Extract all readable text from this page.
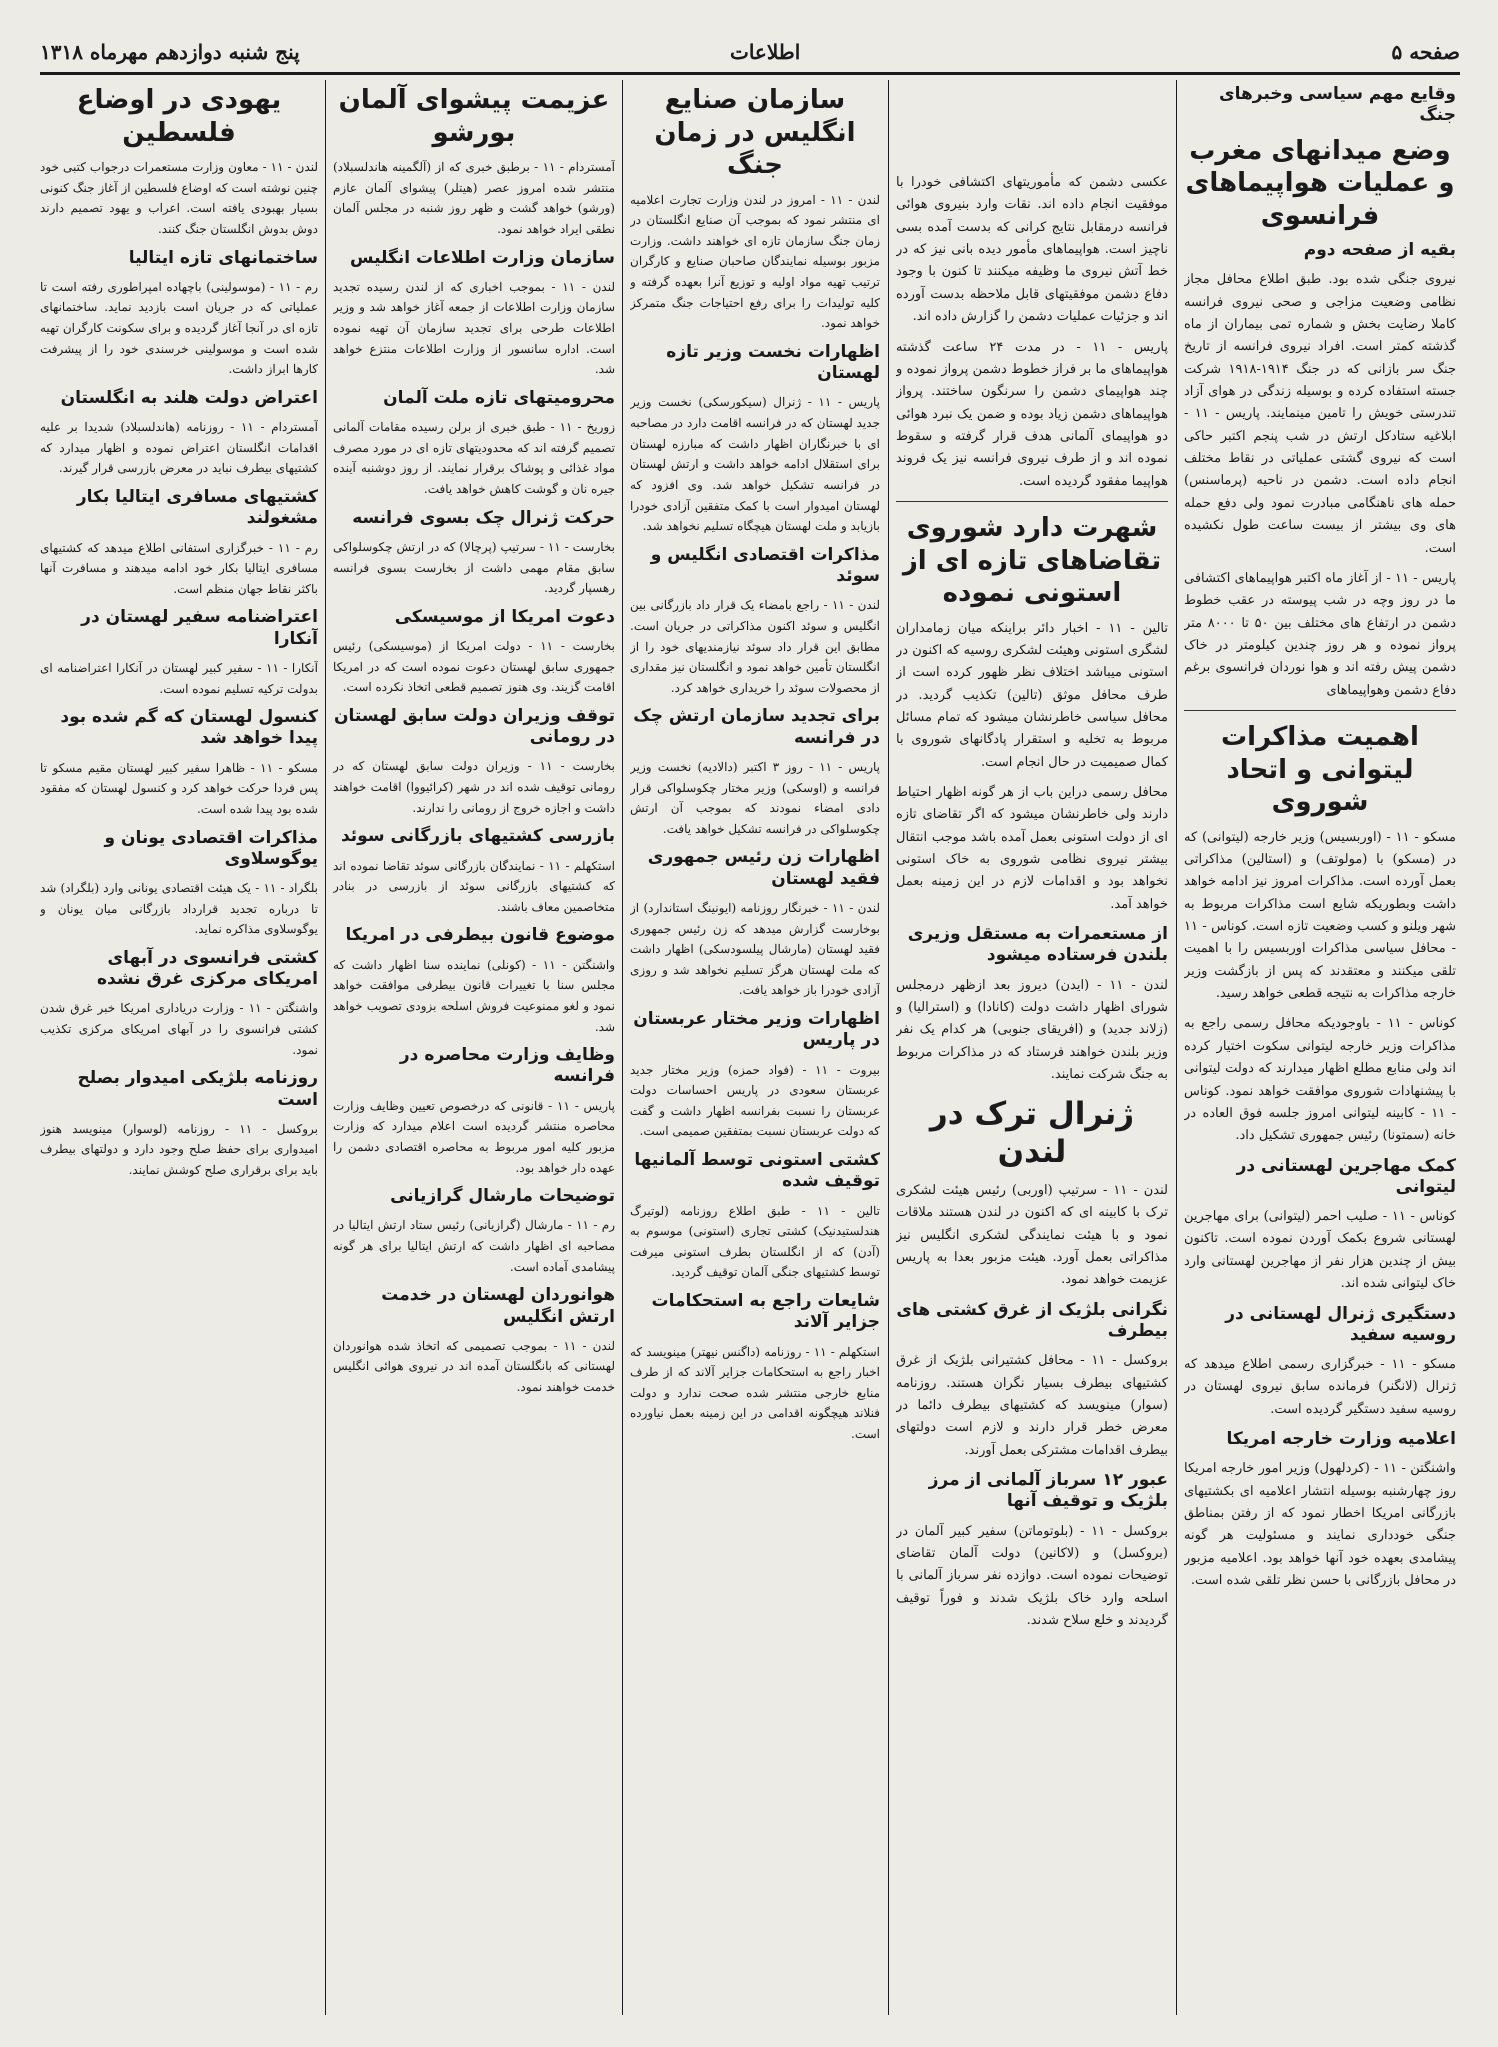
صفحه ۵
اطلاعات
پنج شنبه دوازدهم مهرماه ۱۳۱۸
وقایع مهم سیاسی وخبرهای جنگ
وضع میدانهای مغرب و عملیات هواپیماهای فرانسوی
بقیه از صفحه دوم

نیروی جنگی شده بود. طبق اطلاع محافل مجاز نظامی وضعیت مزاجی و صحی نیروی فرانسه کاملا رضایت بخش و شماره تمی بیماران از ماه گذشته کمتر است. افراد نیروی فرانسه از تاریخ جنگ سر بازانی که در جنگ ۱۹۱۴-۱۹۱۸ شرکت جسته استفاده کرده و بوسیله زندگی در هوای آزاد تندرستی خویش را تامین مینمایند. پاریس - ۱۱ - ابلاغیه ستادکل ارتش در شب پنجم اکتبر حاکی است که نیروی گشتی عملیاتی در نقاط مختلف انجام داده است. دشمن در ناحیه (پرماسنس) حمله های ناهنگامی مبادرت نمود ولی دفع حمله های وی بیشتر از بیست ساعت طول نکشیده است.

پاریس - ۱۱ - از آغاز ماه اکتبر هواپیماهای اکتشافی ما در روز وچه در شب پیوسته در عقب خطوط دشمن در ارتفاع های مختلف بین ۵۰ تا ۸۰۰۰ متر پرواز نموده و هر روز چندین کیلومتر در خاک دشمن پیش رفته اند و هوا نوردان فرانسوی برغم دفاع دشمن وهواپیماهای

اهمیت مذاکرات لیتوانی و اتحاد شوروی

مسکو - ۱۱ - (اوربسیس) وزیر خارجه (لیتوانی) که در (مسکو) با (مولوتف) و (استالین) مذاکراتی بعمل آورده است. مذاکرات امروز نیز ادامه خواهد داشت وبطوریکه شایع است مذاکرات مربوط به شهر ویلنو و کسب وضعیت تازه است. کوناس - ۱۱ - محافل سیاسی مذاکرات اوربسیس را با اهمیت تلقی میکنند و معتقدند که پس از بازگشت وزیر خارجه مذاکرات به نتیجه قطعی خواهد رسید.

کوناس - ۱۱ - باوجودیکه محافل رسمی راجع به مذاکرات وزیر خارجه لیتوانی سکوت اختیار کرده اند ولی منابع مطلع اظهار میدارند که دولت لیتوانی با پیشنهادات شوروی موافقت خواهد نمود. کوناس - ۱۱ - کابینه لیتوانی امروز جلسه فوق العاده در خانه (سمتونا) رئیس جمهوری تشکیل داد.

کمک مهاجرین لهستانی در لیتوانی

کوناس - ۱۱ - صلیب احمر (لیتوانی) برای مهاجرین لهستانی شروع بکمک آوردن نموده است. تاکنون بیش از چندین هزار نفر از مهاجرین لهستانی وارد خاک لیتوانی شده اند.

دستگیری ژنرال لهستانی در روسیه سفید

مسکو - ۱۱ - خبرگزاری رسمی اطلاع میدهد که ژنرال (لانگنر) فرمانده سابق نیروی لهستان در روسیه سفید دستگیر گردیده است.

اعلامیه وزارت خارجه امریکا

واشنگتن - ۱۱ - (کردلهول) وزیر امور خارجه امریکا روز چهارشنبه بوسیله انتشار اعلامیه ای بکشتیهای بازرگانی امریکا اخطار نمود که از رفتن بمناطق جنگی خودداری نمایند و مسئولیت هر گونه پیشامدی بعهده خود آنها خواهد بود. اعلامیه مزبور در محافل بازرگانی با حسن نظر تلقی شده است.

عکسی دشمن که مأموریتهای اکتشافی خودرا با موفقیت انجام داده اند. نقات وارد بنیروی هوائی فرانسه درمقابل نتایج کرانی که بدست آمده بسی ناچیز است. هواپیماهای مأمور دیده بانی نیز که در خط آتش نیروی ما وظیفه میکنند تا کنون با وجود دفاع دشمن موفقیتهای قابل ملاحظه بدست آورده اند و جزئیات عملیات دشمن را گزارش داده اند.

پاریس - ۱۱ - در مدت ۲۴ ساعت گذشته هواپیماهای ما بر فراز خطوط دشمن پرواز نموده و چند هواپیمای دشمن را سرنگون ساختند. پرواز هواپیماهای دشمن زیاد بوده و ضمن یک نبرد هوائی دو هواپیمای آلمانی هدف قرار گرفته و سقوط نموده اند و از طرف نیروی فرانسه نیز یک فروند هواپیما مفقود گردیده است.

شهرت دارد شوروی تقاضاهای تازه ای از استونی نموده

تالین - ۱۱ - اخبار دائر براینکه میان زمامداران لشگری استونی وهیئت لشکری روسیه که اکنون در استونی میباشد اختلاف نظر ظهور کرده است از طرف محافل موثق (تالین) تکذیب گردید. در محافل سیاسی خاطرنشان میشود که تمام مسائل مربوط به تخلیه و استقرار پادگانهای شوروی با کمال صمیمیت در حال انجام است.

محافل رسمی دراین باب از هر گونه اظهار احتیاط دارند ولی خاطرنشان میشود که اگر تقاضای تازه ای از دولت استونی بعمل آمده باشد موجب انتقال بیشتر نیروی نظامی شوروی به خاک استونی نخواهد بود و اقدامات لازم در این زمینه بعمل خواهد آمد.

از مستعمرات به مستقل وزیری بلندن فرستاده میشود

لندن - ۱۱ - (ایدن) دیروز بعد ازظهر درمجلس شورای اظهار داشت دولت (کانادا) و (استرالیا) و (زلاند جدید) و (افریقای جنوبی) هر کدام یک نفر وزیر بلندن خواهند فرستاد که در مذاکرات مربوط به جنگ شرکت نمایند.

ژنرال ترک در لندن

لندن - ۱۱ - سرتیپ (اوربی) رئیس هیئت لشکری ترک با کابینه ای که اکنون در لندن هستند ملاقات نمود و با هیئت نمایندگی لشکری انگلیس نیز مذاکراتی بعمل آورد. هیئت مزبور بعدا به پاریس عزیمت خواهد نمود.

نگرانی بلژیک از غرق کشتی های بیطرف

بروکسل - ۱۱ - محافل کشتیرانی بلژیک از غرق کشتیهای بیطرف بسیار نگران هستند. روزنامه (سوار) مینویسد که کشتیهای بیطرف دائما در معرض خطر قرار دارند و لازم است دولتهای بیطرف اقدامات مشترکی بعمل آورند.

عبور ۱۲ سرباز آلمانی از مرز بلژیک و توقیف آنها

بروکسل - ۱۱ - (بلوتوماتن) سفیر کبیر آلمان در (بروکسل) و (لاکانین) دولت آلمان تقاضای توضیحات نموده است. دوازده نفر سرباز آلمانی با اسلحه وارد خاک بلژیک شدند و فوراً توقیف گردیدند و خلع سلاح شدند.

سازمان صنایع انگلیس در زمان جنگ

لندن - ۱۱ - امروز در لندن وزارت تجارت اعلامیه ای منتشر نمود که بموجب آن صنایع انگلستان در زمان جنگ سازمان تازه ای خواهند داشت. وزارت مزبور بوسیله نمایندگان صاحبان صنایع و کارگران ترتیب تهیه مواد اولیه و توزیع آنرا بعهده گرفته و کلیه تولیدات را برای رفع احتیاجات جنگ متمرکز خواهد نمود.

اظهارات نخست وزیر تازه لهستان

پاریس - ۱۱ - ژنرال (سیکورسکی) نخست وزیر جدید لهستان که در فرانسه اقامت دارد در مصاحبه ای با خبرنگاران اظهار داشت که مبارزه لهستان برای استقلال ادامه خواهد داشت و ارتش لهستان در فرانسه تشکیل خواهد شد. وی افزود که لهستان امیدوار است با کمک متفقین آزادی خودرا بازیابد و ملت لهستان هیچگاه تسلیم نخواهد شد.

مذاکرات اقتصادی انگلیس و سوئد

لندن - ۱۱ - راجع بامضاء یک قرار داد بازرگانی بین انگلیس و سوئد اکنون مذاکراتی در جریان است. مطابق این قرار داد سوئد نیازمندیهای خود را از انگلستان تأمین خواهد نمود و انگلستان نیز مقداری از محصولات سوئد را خریداری خواهد کرد.

برای تجدید سازمان ارتش چک در فرانسه

پاریس - ۱۱ - روز ۳ اکتبر (دالادیه) نخست وزیر فرانسه و (اوسکی) وزیر مختار چکوسلواکی قرار دادی امضاء نمودند که بموجب آن ارتش چکوسلواکی در فرانسه تشکیل خواهد یافت.

اظهارات زن رئیس جمهوری فقید لهستان

لندن - ۱۱ - خبرنگار روزنامه (ایونینگ استاندارد) از بوخارست گزارش میدهد که زن رئیس جمهوری فقید لهستان (مارشال پیلسودسکی) اظهار داشت که ملت لهستان هرگز تسلیم نخواهد شد و روزی آزادی خودرا باز خواهد یافت.

اظهارات وزیر مختار عربستان در پاریس

بیروت - ۱۱ - (فواد حمزه) وزیر مختار جدید عربستان سعودی در پاریس احساسات دولت عربستان را نسبت بفرانسه اظهار داشت و گفت که دولت عربستان نسبت بمتفقین صمیمی است.

کشتی استونی توسط آلمانیها توقیف شده

تالین - ۱۱ - طبق اطلاع روزنامه (لوتیرگ هندلستیدنیک) کشتی تجاری (استونی) موسوم به (آدن) که از انگلستان بطرف استونی میرفت توسط کشتیهای جنگی آلمان توقیف گردید.

شایعات راجع به استحکامات جزایر آلاند

استکهلم - ۱۱ - روزنامه (داگنس نیهتر) مینویسد که اخبار راجع به استحکامات جزایر آلاند که از طرف منابع خارجی منتشر شده صحت ندارد و دولت فنلاند هیچگونه اقدامی در این زمینه بعمل نیاورده است.

عزیمت پیشوای آلمان بورشو

آمستردام - ۱۱ - برطبق خبری که از (آلگمینه هاندلسبلاد) منتشر شده امروز عصر (هیتلر) پیشوای آلمان عازم (ورشو) خواهد گشت و ظهر روز شنبه در مجلس آلمان نطقی ایراد خواهد نمود.

سازمان وزارت اطلاعات انگلیس

لندن - ۱۱ - بموجب اخباری که از لندن رسیده تجدید سازمان وزارت اطلاعات از جمعه آغاز خواهد شد و وزیر اطلاعات طرحی برای تجدید سازمان آن تهیه نموده است. اداره سانسور از وزارت اطلاعات منتزع خواهد شد.

محرومیتهای تازه ملت آلمان

زوریخ - ۱۱ - طبق خبری از برلن رسیده مقامات آلمانی تصمیم گرفته اند که محدودیتهای تازه ای در مورد مصرف مواد غذائی و پوشاک برقرار نمایند. از روز دوشنبه آینده جیره نان و گوشت کاهش خواهد یافت.

حرکت ژنرال چک بسوی فرانسه

بخارست - ۱۱ - سرتیپ (پرچالا) که در ارتش چکوسلواکی سابق مقام مهمی داشت از بخارست بسوی فرانسه رهسپار گردید.

دعوت امریکا از موسیسکی

بخارست - ۱۱ - دولت امریکا از (موسیسکی) رئیس جمهوری سابق لهستان دعوت نموده است که در امریکا اقامت گزیند. وی هنوز تصمیم قطعی اتخاذ نکرده است.

توقف وزیران دولت سابق لهستان در رومانی

بخارست - ۱۱ - وزیران دولت سابق لهستان که در رومانی توقیف شده اند در شهر (کرائیووا) اقامت خواهند داشت و اجازه خروج از رومانی را ندارند.

بازرسی کشتیهای بازرگانی سوئد

استکهلم - ۱۱ - نمایندگان بازرگانی سوئد تقاضا نموده اند که کشتیهای بازرگانی سوئد از بازرسی در بنادر متخاصمین معاف باشند.

موضوع قانون بیطرفی در امریکا

واشنگتن - ۱۱ - (کونلی) نماینده سنا اظهار داشت که مجلس سنا با تغییرات قانون بیطرفی موافقت خواهد نمود و لغو ممنوعیت فروش اسلحه بزودی تصویب خواهد شد.

وظایف وزارت محاصره در فرانسه

پاریس - ۱۱ - قانونی که درخصوص تعیین وظایف وزارت محاصره منتشر گردیده است اعلام میدارد که وزارت مزبور کلیه امور مربوط به محاصره اقتصادی دشمن را عهده دار خواهد بود.

توضیحات مارشال گرازیانی

رم - ۱۱ - مارشال (گرازیانی) رئیس ستاد ارتش ایتالیا در مصاحبه ای اظهار داشت که ارتش ایتالیا برای هر گونه پیشامدی آماده است.

هوانوردان لهستان در خدمت ارتش انگلیس

لندن - ۱۱ - بموجب تصمیمی که اتخاذ شده هوانوردان لهستانی که بانگلستان آمده اند در نیروی هوائی انگلیس خدمت خواهند نمود.

یهودی در اوضاع فلسطین

لندن - ۱۱ - معاون وزارت مستعمرات درجواب کتبی خود چنین نوشته است که اوضاع فلسطین از آغاز جنگ کنونی بسیار بهبودی یافته است. اعراب و یهود تصمیم دارند دوش بدوش انگلستان جنگ کنند.

ساختمانهای تازه ایتالیا

رم - ۱۱ - (موسولینی) باچهاده امپراطوری رفته است تا عملیاتی که در جریان است بازدید نماید. ساختمانهای تازه ای در آنجا آغاز گردیده و برای سکونت کارگران تهیه شده است و موسولینی خرسندی خود را از پیشرفت کارها ابراز داشت.

اعتراض دولت هلند به انگلستان

آمستردام - ۱۱ - روزنامه (هاندلسبلاد) شدیدا بر علیه اقدامات انگلستان اعتراض نموده و اظهار میدارد که کشتیهای بیطرف نباید در معرض بازرسی قرار گیرند.

کشتیهای مسافری ایتالیا بکار مشغولند

رم - ۱۱ - خبرگزاری استفانی اطلاع میدهد که کشتیهای مسافری ایتالیا بکار خود ادامه میدهند و مسافرت آنها باکثر نقاط جهان منظم است.

اعتراضنامه سفیر لهستان در آنکارا

آنکارا - ۱۱ - سفیر کبیر لهستان در آنکارا اعتراضنامه ای بدولت ترکیه تسلیم نموده است.

کنسول لهستان که گم شده بود پیدا خواهد شد

مسکو - ۱۱ - ظاهرا سفیر کبیر لهستان مقیم مسکو تا پس فردا حرکت خواهد کرد و کنسول لهستان که مفقود شده بود پیدا شده است.

مذاکرات اقتصادی یونان و یوگوسلاوی

بلگراد - ۱۱ - یک هیئت اقتصادی یونانی وارد (بلگراد) شد تا درباره تجدید قرارداد بازرگانی میان یونان و یوگوسلاوی مذاکره نماید.

کشتی فرانسوی در آبهای امریکای مرکزی غرق نشده

واشنگتن - ۱۱ - وزارت دریاداری امریکا خبر غرق شدن کشتی فرانسوی را در آبهای امریکای مرکزی تکذیب نمود.

روزنامه بلژیکی امیدوار بصلح است

بروکسل - ۱۱ - روزنامه (لوسوار) مینویسد هنوز امیدواری برای حفظ صلح وجود دارد و دولتهای بیطرف باید برای برقراری صلح کوشش نمایند.
